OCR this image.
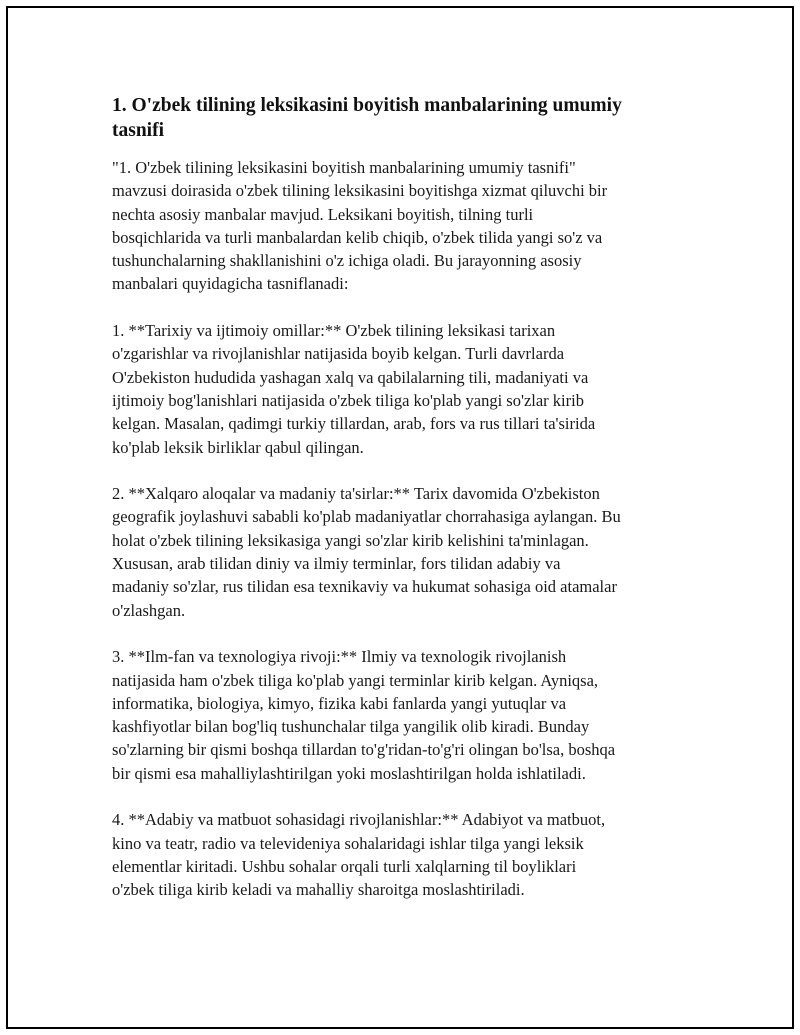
1. O'zbek tilining leksikasini boyitish manbalarining umumiy
tasnifi

"1. O'zbek tilining leksikasini boyitish manbalarining umumiy tasnifi"
mavzusi doirasida o'zbek tilining leksikasini boyitishga xizmat qiluvchi bir
nechta asosiy manbalar mavjud. Leksikani boyitish, tilning turli
bosqichlarida va turli manbalardan kelib chiqib, o'zbek tilida yangi so'z va
tushunchalarning shakllanishini o'z ichiga oladi. Bu jarayonning asosiy
manbalari quyidagicha tasniflanadi:

1. **Tarixiy va ijtimoiy omillar:** O'zbek tilining leksikasi tarixan
o'zgarishlar va rivojlanishlar natijasida boyib kelgan. Turli davrlarda
O'zbekiston hududida yashagan xalq va qabilalarning tili, madaniyati va
ijtimoiy bog'lanishlari natijasida o'zbek tiliga ko'plab yangi so'zlar kirib
kelgan. Masalan, qadimgi turkiy tillardan, arab, fors va rus tillari ta'sirida
ko'plab leksik birliklar qabul qilingan.

2. **Xalqaro aloqalar va madaniy ta'sirlar:** Tarix davomida O'zbekiston
geografik joylashuvi sababli ko'plab madaniyatlar chorrahasiga aylangan. Bu
holat o'zbek tilining leksikasiga yangi so'zlar kirib kelishini ta'minlagan.
Xususan, arab tilidan diniy va ilmiy terminlar, fors tilidan adabiy va
madaniy so'zlar, rus tilidan esa texnikaviy va hukumat sohasiga oid atamalar
o'zlashgan.

3. **Ilm-fan va texnologiya rivoji:** Ilmiy va texnologik rivojlanish
natijasida ham o'zbek tiliga ko'plab yangi terminlar kirib kelgan. Ayniqsa,
informatika, biologiya, kimyo, fizika kabi fanlarda yangi yutuqlar va
kashfiyotlar bilan bog'liq tushunchalar tilga yangilik olib kiradi. Bunday
so'zlarning bir qismi boshqa tillardan to'g'ridan-to'g'ri olingan bo'lsa, boshqa
bir qismi esa mahalliylashtirilgan yoki moslashtirilgan holda ishlatiladi.

4. **Adabiy va matbuot sohasidagi rivojlanishlar:** Adabiyot va matbuot,
kino va teatr, radio va televideniya sohalaridagi ishlar tilga yangi leksik
elementlar kiritadi. Ushbu sohalar orqali turli xalqlarning til boyliklari
o'zbek tiliga kirib keladi va mahalliy sharoitga moslashtiriladi.
